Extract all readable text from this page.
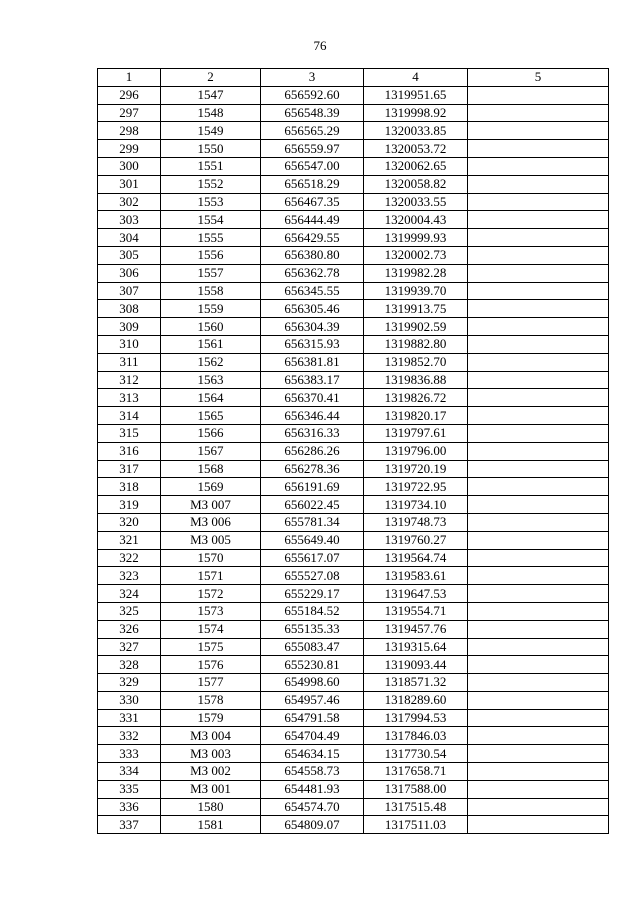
76
1	2	3	4	5
296	1547	656592.60	1319951.65	
297	1548	656548.39	1319998.92	
298	1549	656565.29	1320033.85	
299	1550	656559.97	1320053.72	
300	1551	656547.00	1320062.65	
301	1552	656518.29	1320058.82	
302	1553	656467.35	1320033.55	
303	1554	656444.49	1320004.43	
304	1555	656429.55	1319999.93	
305	1556	656380.80	1320002.73	
306	1557	656362.78	1319982.28	
307	1558	656345.55	1319939.70	
308	1559	656305.46	1319913.75	
309	1560	656304.39	1319902.59	
310	1561	656315.93	1319882.80	
311	1562	656381.81	1319852.70	
312	1563	656383.17	1319836.88	
313	1564	656370.41	1319826.72	
314	1565	656346.44	1319820.17	
315	1566	656316.33	1319797.61	
316	1567	656286.26	1319796.00	
317	1568	656278.36	1319720.19	
318	1569	656191.69	1319722.95	
319	МЗ 007	656022.45	1319734.10	
320	МЗ 006	655781.34	1319748.73	
321	МЗ 005	655649.40	1319760.27	
322	1570	655617.07	1319564.74	
323	1571	655527.08	1319583.61	
324	1572	655229.17	1319647.53	
325	1573	655184.52	1319554.71	
326	1574	655135.33	1319457.76	
327	1575	655083.47	1319315.64	
328	1576	655230.81	1319093.44	
329	1577	654998.60	1318571.32	
330	1578	654957.46	1318289.60	
331	1579	654791.58	1317994.53	
332	МЗ 004	654704.49	1317846.03	
333	МЗ 003	654634.15	1317730.54	
334	МЗ 002	654558.73	1317658.71	
335	МЗ 001	654481.93	1317588.00	
336	1580	654574.70	1317515.48	
337	1581	654809.07	1317511.03	
